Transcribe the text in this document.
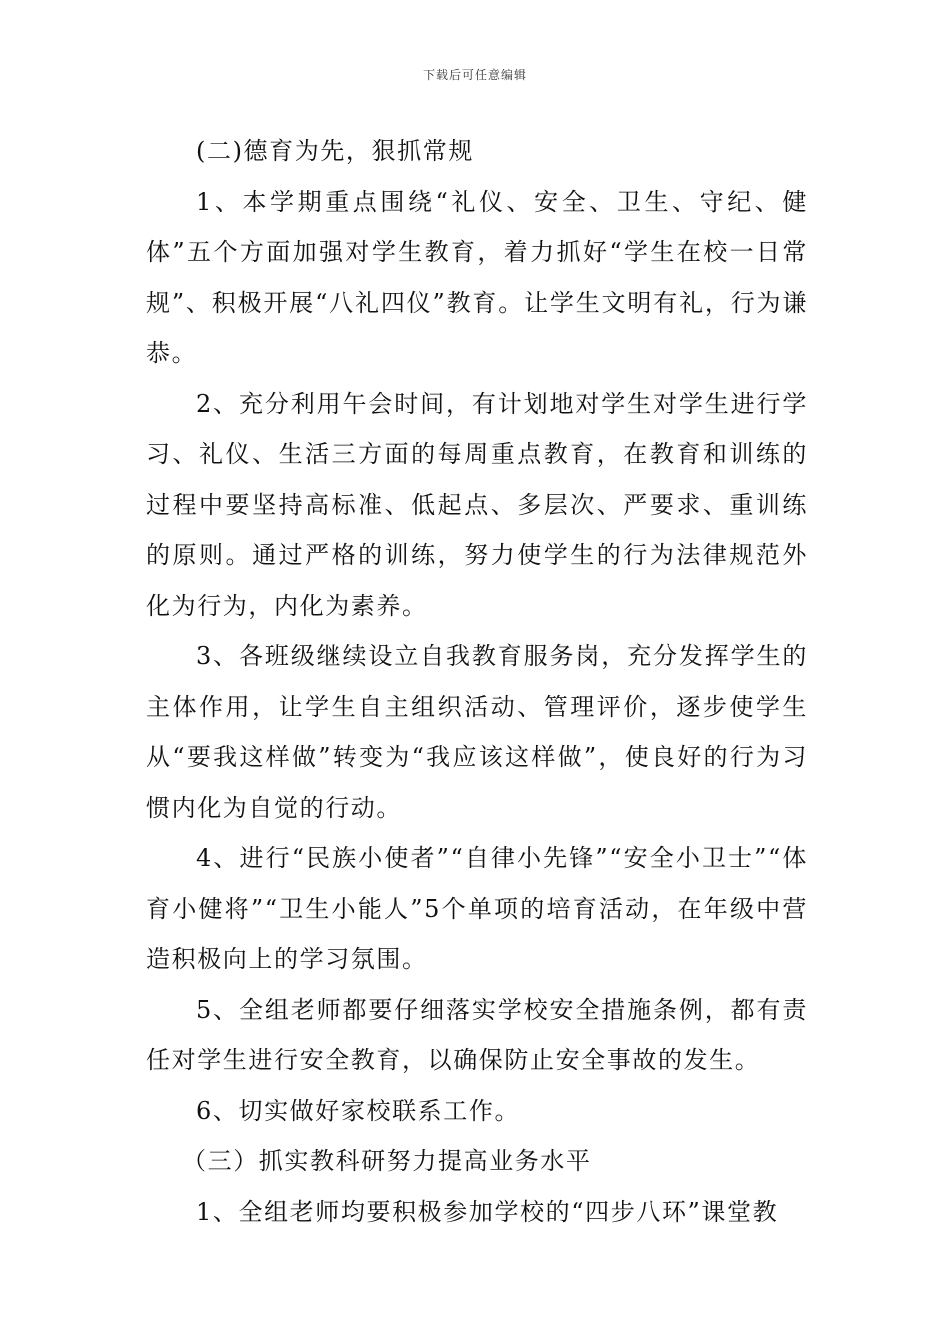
下载后可任意编辑

(二)德育为先，狠抓常规

1、本学期重点围绕“礼仪、安全、卫生、守纪、健体”五个方面加强对学生教育，着力抓好“学生在校一日常规”、积极开展“八礼四仪”教育。让学生文明有礼，行为谦恭。

2、充分利用午会时间，有计划地对学生对学生进行学习、礼仪、生活三方面的每周重点教育，在教育和训练的过程中要坚持高标准、低起点、多层次、严要求、重训练的原则。通过严格的训练，努力使学生的行为法律规范外化为行为，内化为素养。

3、各班级继续设立自我教育服务岗，充分发挥学生的主体作用，让学生自主组织活动、管理评价，逐步使学生从“要我这样做”转变为“我应该这样做”，使良好的行为习惯内化为自觉的行动。

4、进行“民族小使者”“自律小先锋”“安全小卫士”“体育小健将”“卫生小能人”5个单项的培育活动，在年级中营造积极向上的学习氛围。

5、全组老师都要仔细落实学校安全措施条例，都有责任对学生进行安全教育，以确保防止安全事故的发生。

6、切实做好家校联系工作。

（三）抓实教科研努力提高业务水平

1、全组老师均要积极参加学校的“四步八环”课堂教
